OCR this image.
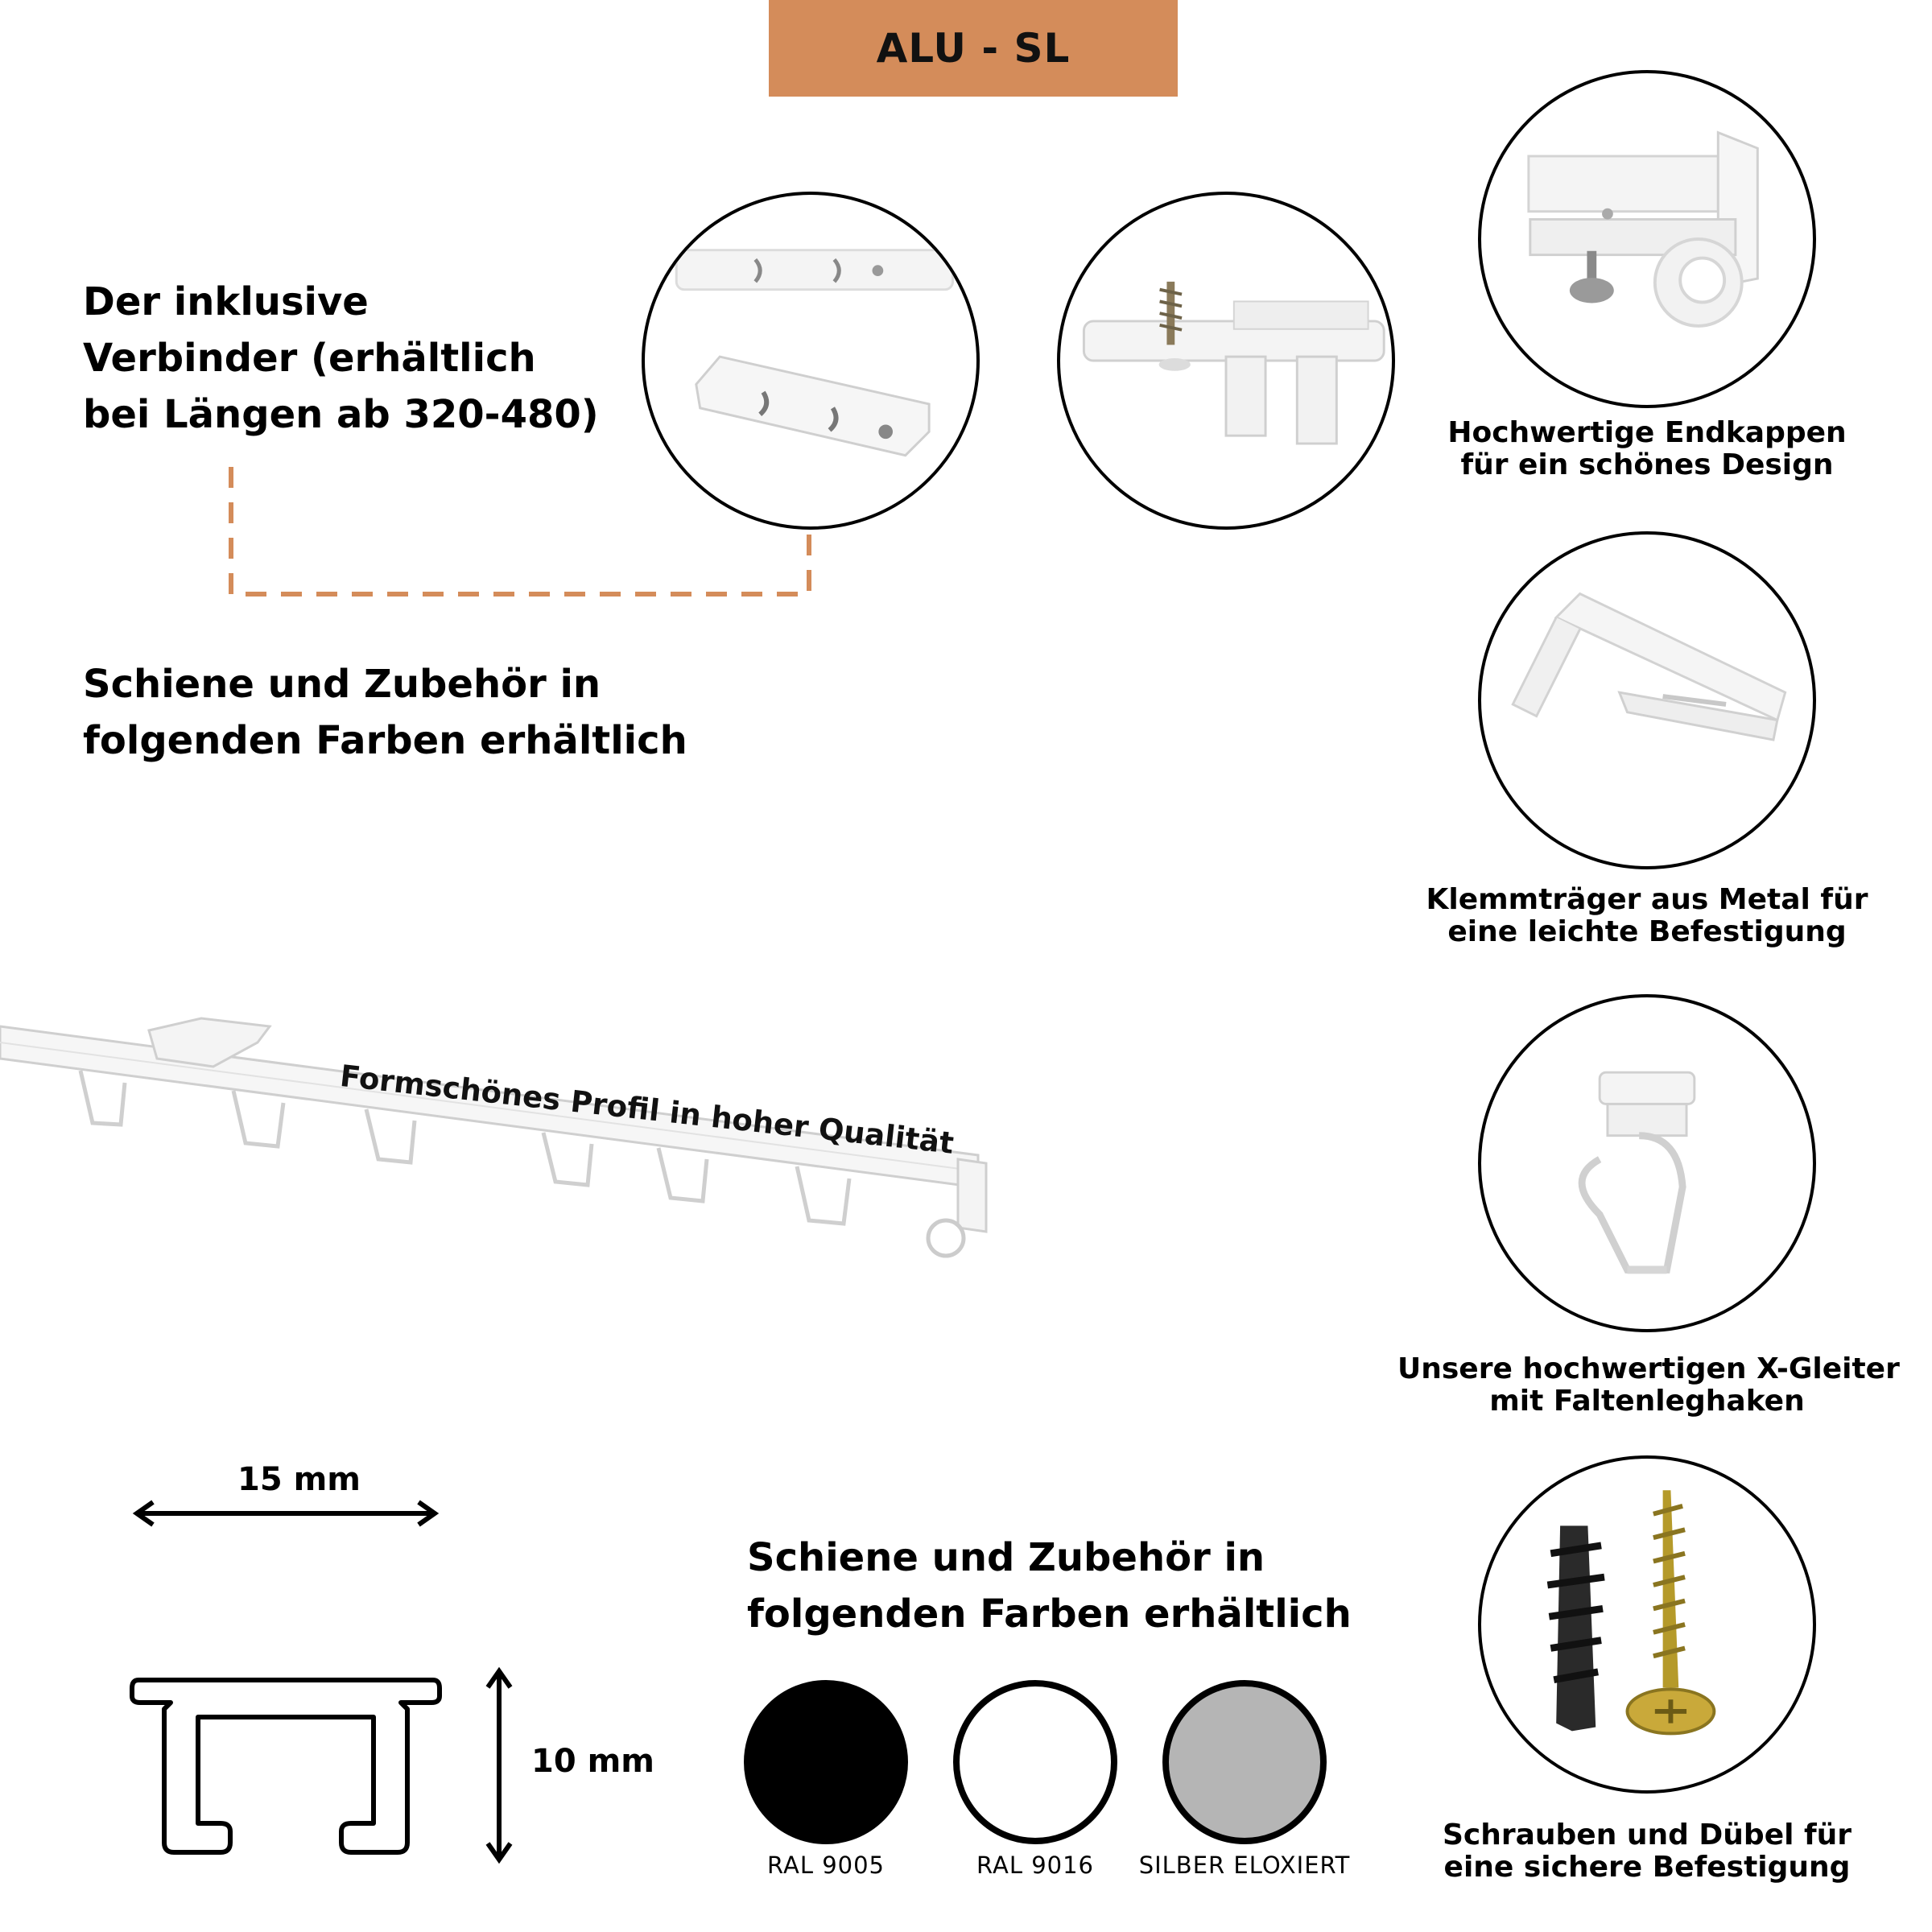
ALU - SL
Der inklusive
Verbinder (erhältlich
bei Längen ab 320-480)
Formschönes Profil in hoher Qualität
Schiene und Zubehör in
folgenden Farben erhältlich
Hochwertige Endkappen
für ein schönes Design
Klemmträger aus Metal für
eine leichte Befestigung
Unsere hochwertigen X-Gleiter
mit Faltenleghaken
Schrauben und Dübel für
eine sichere Befestigung
15 mm
10 mm
Schiene und Zubehör in
folgenden Farben erhältlich
RAL 9005	RAL 9016	SILBER ELOXIERT
